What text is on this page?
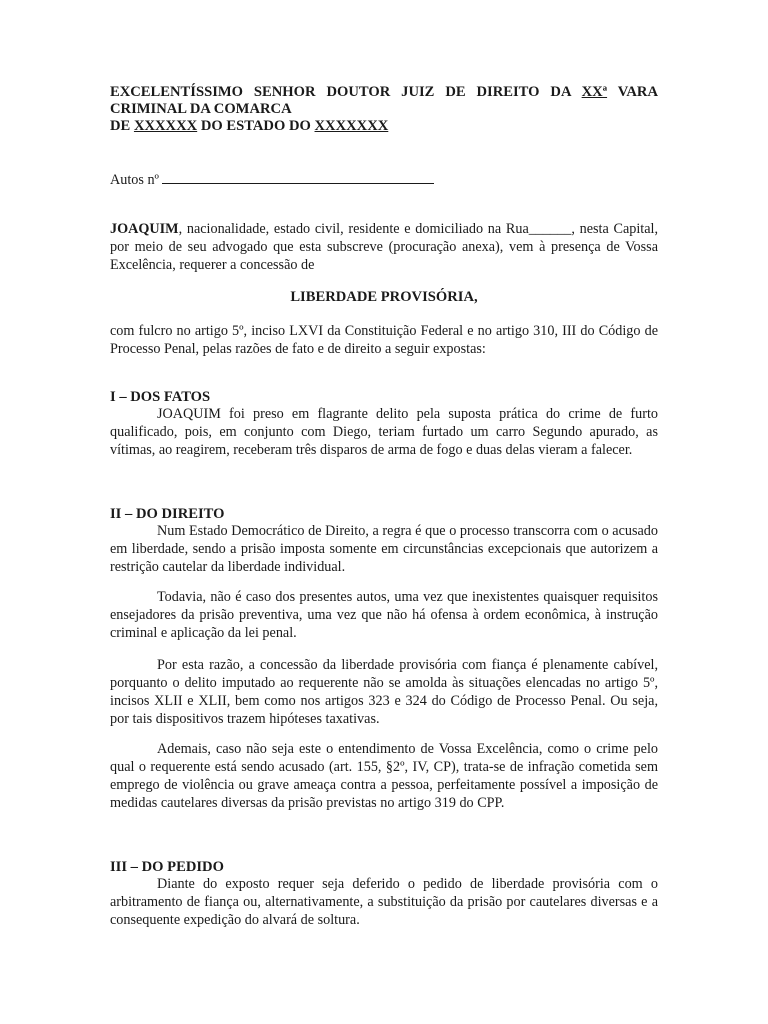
EXCELENTÍSSIMO SENHOR DOUTOR JUIZ DE DIREITO DA XXª VARA
CRIMINAL DA COMARCA
DE XXXXXX DO ESTADO DO XXXXXXX
Autos nº
JOAQUIM, nacionalidade, estado civil, residente e domiciliado na Rua______, nesta Capital, por meio de seu advogado que esta subscreve (procuração anexa), vem à presença de Vossa Excelência, requerer a concessão de
LIBERDADE PROVISÓRIA,
com fulcro no artigo 5º, inciso LXVI da Constituição Federal e no artigo 310, III do Código de Processo Penal, pelas razões de fato e de direito a seguir expostas:
I – DOS FATOS
JOAQUIM foi preso em flagrante delito pela suposta prática do crime de furto qualificado, pois, em conjunto com Diego, teriam furtado um carro Segundo apurado, as vítimas, ao reagirem, receberam três disparos de arma de fogo e duas delas vieram a falecer.
II – DO DIREITO
Num Estado Democrático de Direito, a regra é que o processo transcorra com o acusado em liberdade, sendo a prisão imposta somente em circunstâncias excepcionais que autorizem a restrição cautelar da liberdade individual.
Todavia, não é caso dos presentes autos, uma vez que inexistentes quaisquer requisitos ensejadores da prisão preventiva, uma vez que não há ofensa à ordem econômica, à instrução criminal e aplicação da lei penal.
Por esta razão, a concessão da liberdade provisória com fiança é plenamente cabível, porquanto o delito imputado ao requerente não se amolda às situações elencadas no artigo 5º, incisos XLII e XLII, bem como nos artigos 323 e 324 do Código de Processo Penal. Ou seja, por tais dispositivos trazem hipóteses taxativas.
Ademais, caso não seja este o entendimento de Vossa Excelência, como o crime pelo qual o requerente está sendo acusado (art. 155, §2º, IV, CP), trata-se de infração cometida sem emprego de violência ou grave ameaça contra a pessoa, perfeitamente possível a imposição de medidas cautelares diversas da prisão previstas no artigo 319 do CPP.
III – DO PEDIDO
Diante do exposto requer seja deferido o pedido de liberdade provisória com o arbitramento de fiança ou, alternativamente, a substituição da prisão por cautelares diversas e a consequente expedição do alvará de soltura.
